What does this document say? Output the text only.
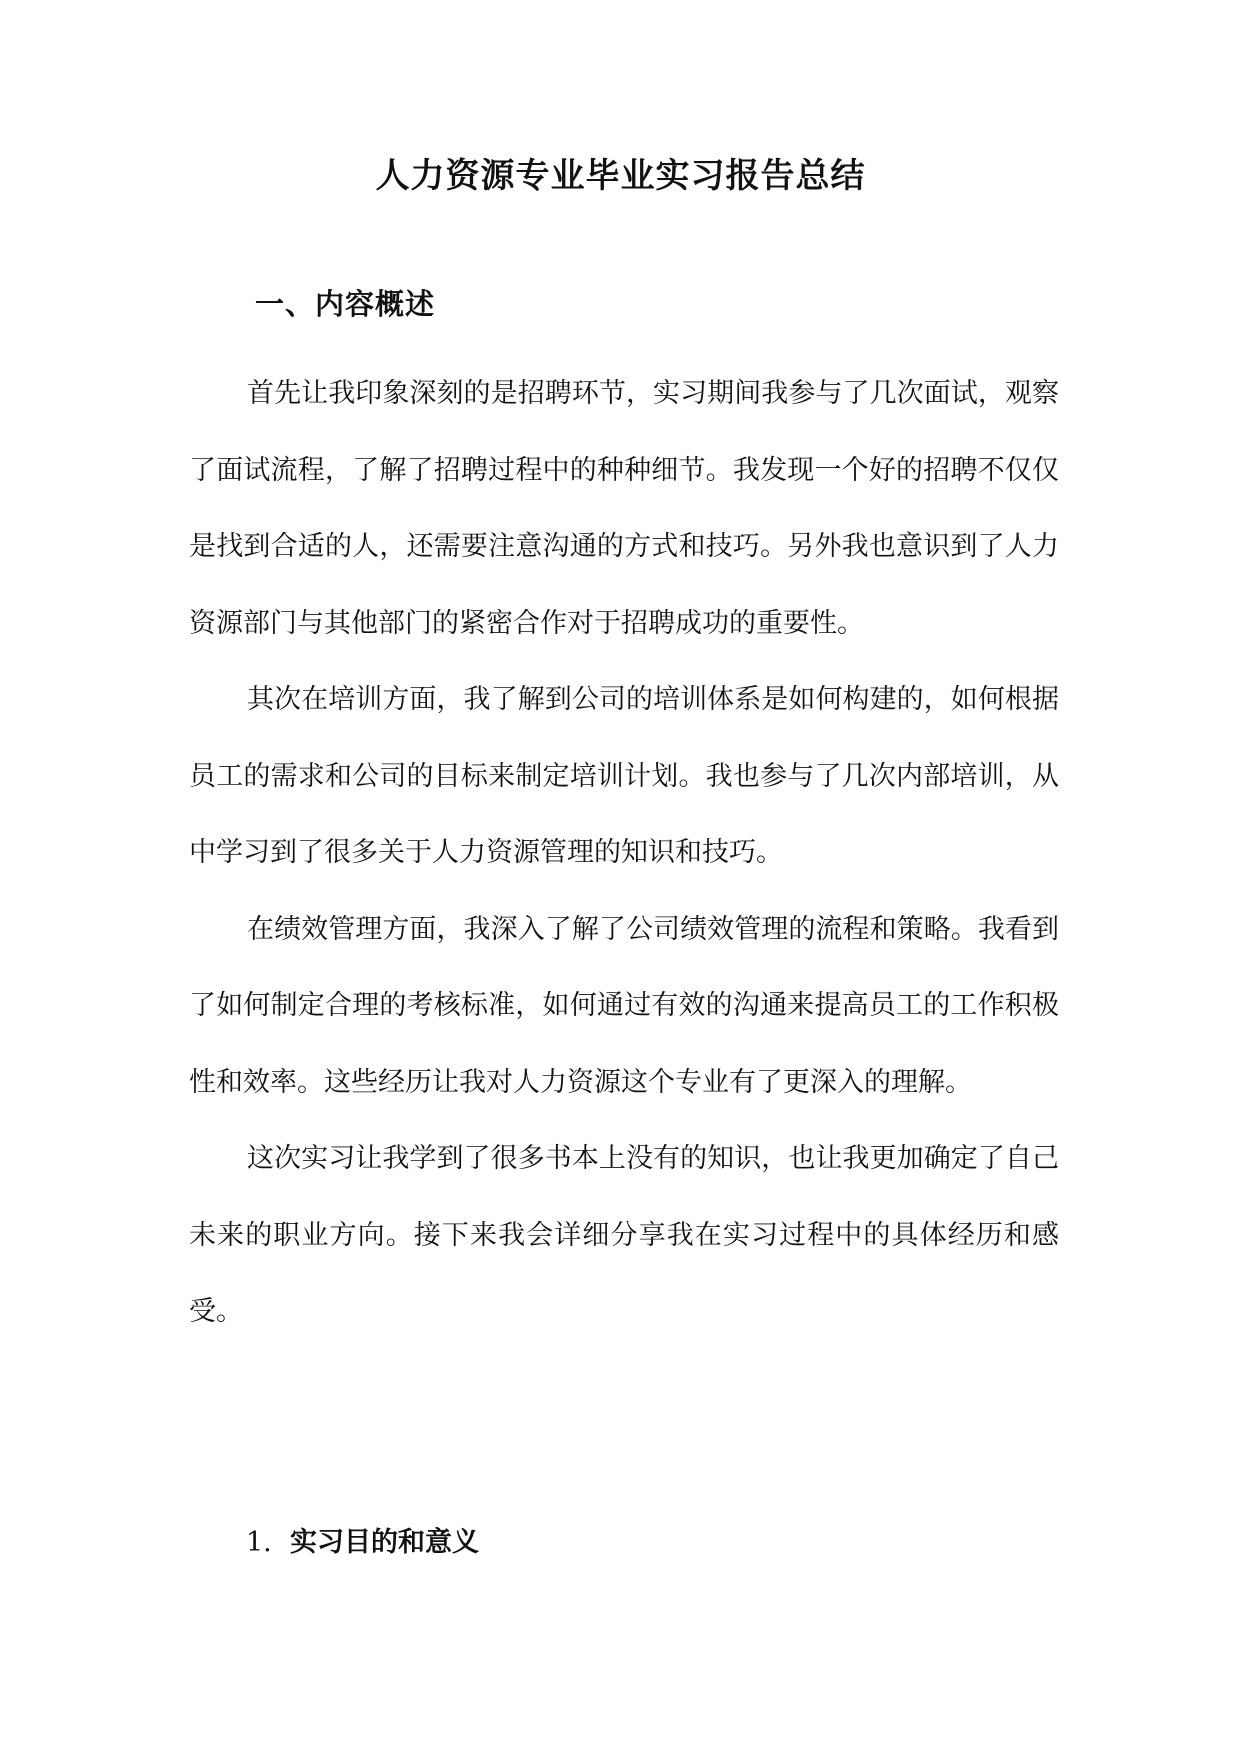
人力资源专业毕业实习报告总结
一、内容概述

首先让我印象深刻的是招聘环节，实习期间我参与了几次面试，观察了面试流程，了解了招聘过程中的种种细节。我发现一个好的招聘不仅仅是找到合适的人，还需要注意沟通的方式和技巧。另外我也意识到了人力资源部门与其他部门的紧密合作对于招聘成功的重要性。

其次在培训方面，我了解到公司的培训体系是如何构建的，如何根据员工的需求和公司的目标来制定培训计划。我也参与了几次内部培训，从中学习到了很多关于人力资源管理的知识和技巧。

在绩效管理方面，我深入了解了公司绩效管理的流程和策略。我看到了如何制定合理的考核标准，如何通过有效的沟通来提高员工的工作积极性和效率。这些经历让我对人力资源这个专业有了更深入的理解。

这次实习让我学到了很多书本上没有的知识，也让我更加确定了自己未来的职业方向。接下来我会详细分享我在实习过程中的具体经历和感受。

1. 实习目的和意义
